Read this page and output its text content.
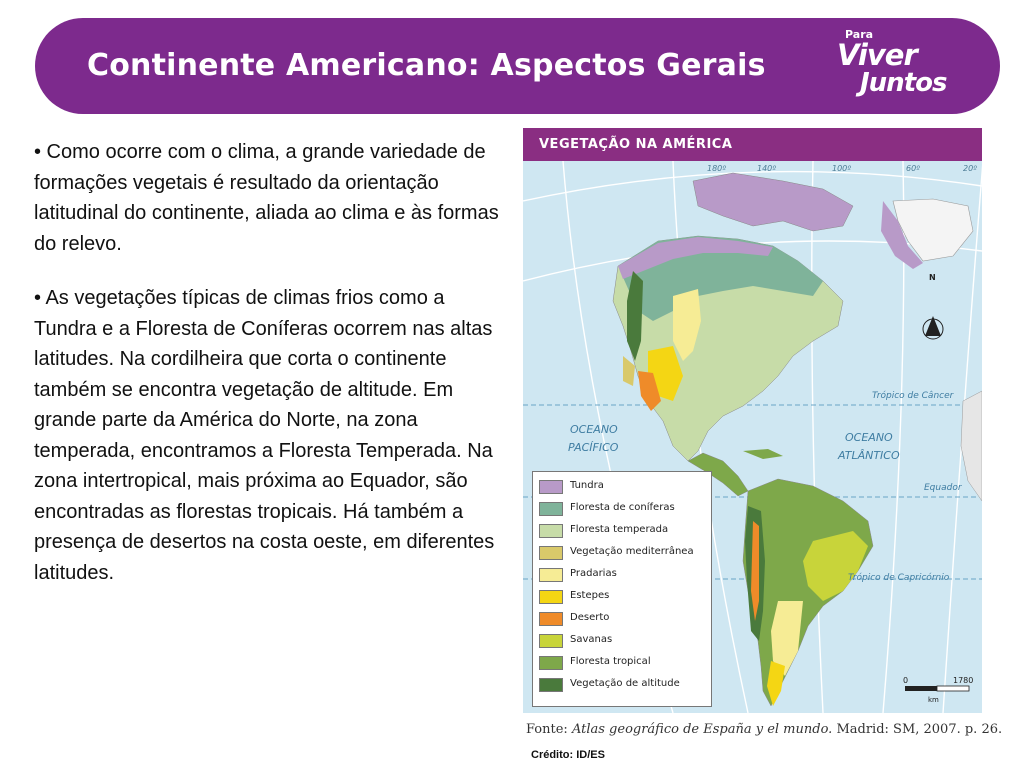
Continente Americano: Aspectos Gerais
Para
Viver
Juntos

• Como ocorre com o clima, a grande variedade de formações vegetais é resultado da orientação latitudinal do continente, aliada ao clima e às formas do relevo.

• As vegetações típicas de climas frios como a Tundra e a Floresta de Coníferas ocorrem nas altas latitudes. Na cordilheira que corta o continente também se encontra vegetação de altitude. Em grande parte da América do Norte, na zona temperada, encontramos a Floresta Temperada. Na zona intertropical, mais próxima ao Equador, são encontradas as florestas tropicais. Há também a presença de desertos na costa oeste, em diferentes latitudes.

VEGETAÇÃO NA AMÉRICA
180º	140º	100º	60º	20º
Trópico de Câncer
Equador
Trópico de Capricórnio
OCEANO
PACÍFICO
OCEANO
ATLÂNTICO
N
0	1780
km
Tundra
Floresta de coníferas
Floresta temperada
Vegetação mediterrânea
Pradarias
Estepes
Deserto
Savanas
Floresta tropical
Vegetação de altitude
Fonte: Atlas geográfico de España y el mundo. Madrid: SM, 2007. p. 26.
Crédito: ID/ES
